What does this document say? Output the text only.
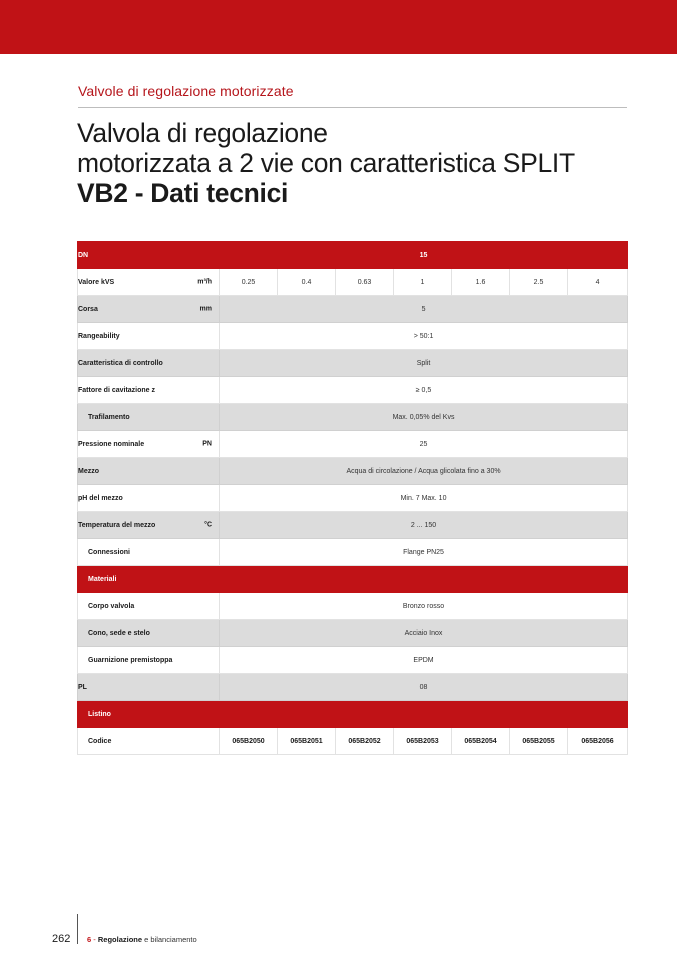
Valvole di regolazione motorizzate
Valvola di regolazione
motorizzata a 2 vie con caratteristica SPLIT
VB2 - Dati tecnici
DN	15						
Valore kVS m³/h	0.25	0.4	0.63	1	1.6	2.5	4
Corsa mm	5						
Rangeability	> 50:1						
Caratteristica di controllo	Split						
Fattore di cavitazione z	≥ 0,5						
Trafilamento	Max. 0,05% del Kvs						
Pressione nominale PN	25						
Mezzo	Acqua di circolazione / Acqua glicolata fino a 30%						
pH del mezzo	Min. 7 Max. 10						
Temperatura del mezzo °C	2 ... 150						
Connessioni	Flange PN25						
Materiali							
Corpo valvola	Bronzo rosso						
Cono, sede e stelo	Acciaio Inox						
Guarnizione premistoppa	EPDM						
PL	08						
Listino							
Codice	065B2050	065B2051	065B2052	065B2053	065B2054	065B2055	065B2056
262 6 - Regolazione e bilanciamento
